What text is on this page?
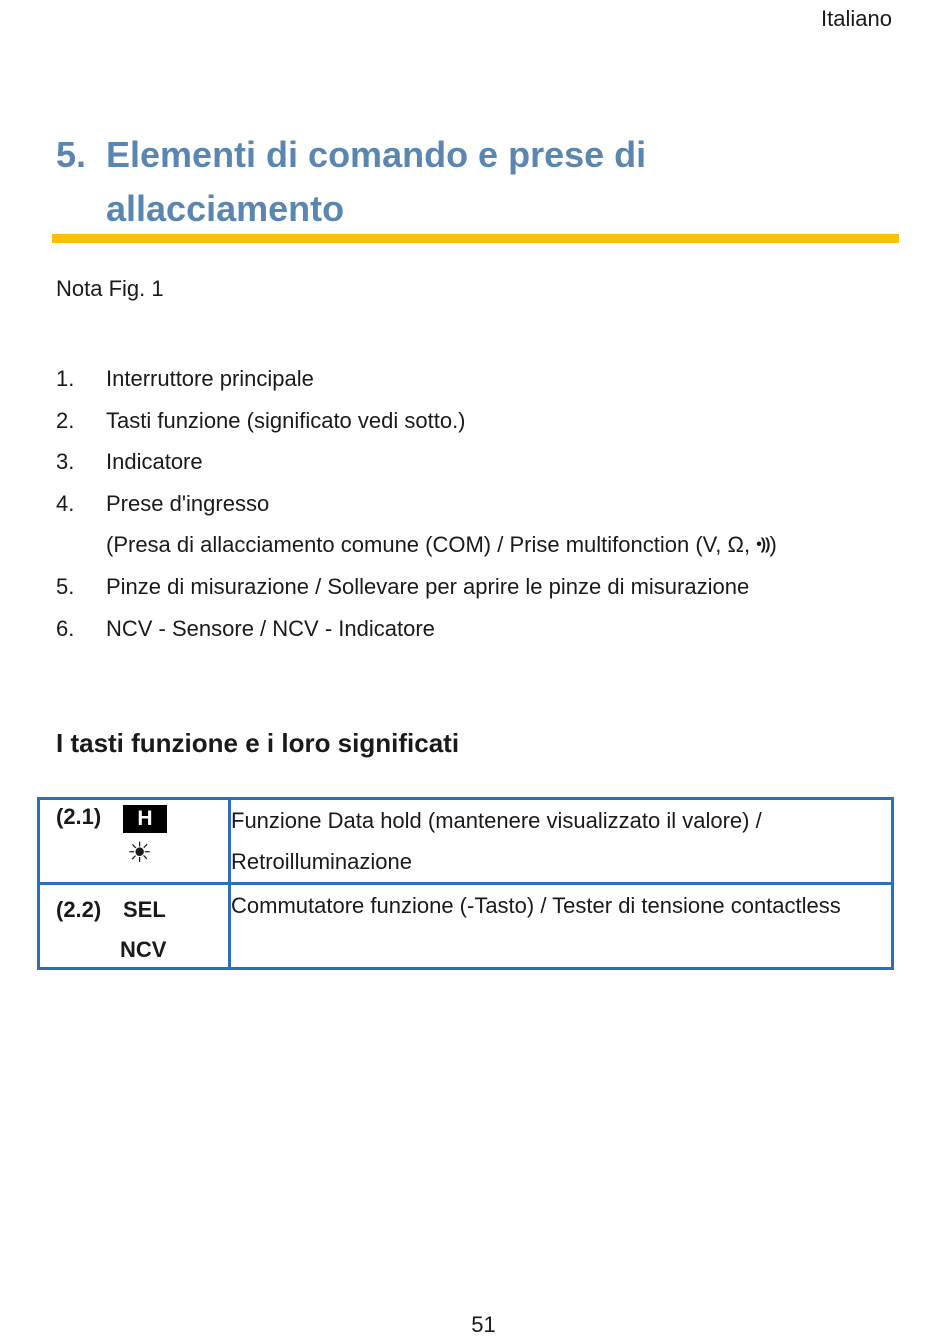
Italiano
5. Elementi di comando e prese di allacciamento
Nota Fig. 1
1.	Interruttore principale
2.	Tasti funzione (significato vedi sotto.)
3.	Indicatore
4.	Prese d'ingresso
(Presa di allacciamento comune (COM) / Prise multifonction (V, Ω, •)))
5.	Pinze di misurazione / Sollevare per aprire le pinze di misurazione
6.	NCV - Sensore / NCV - Indicatore
I tasti funzione e i loro significati
(2.1) H
☀	Funzione Data hold (mantenere visualizzato il valore) / Retroilluminazione

(2.2) SEL
NCV	Commutatore funzione (-Tasto) / Tester di tensione contactless
51
